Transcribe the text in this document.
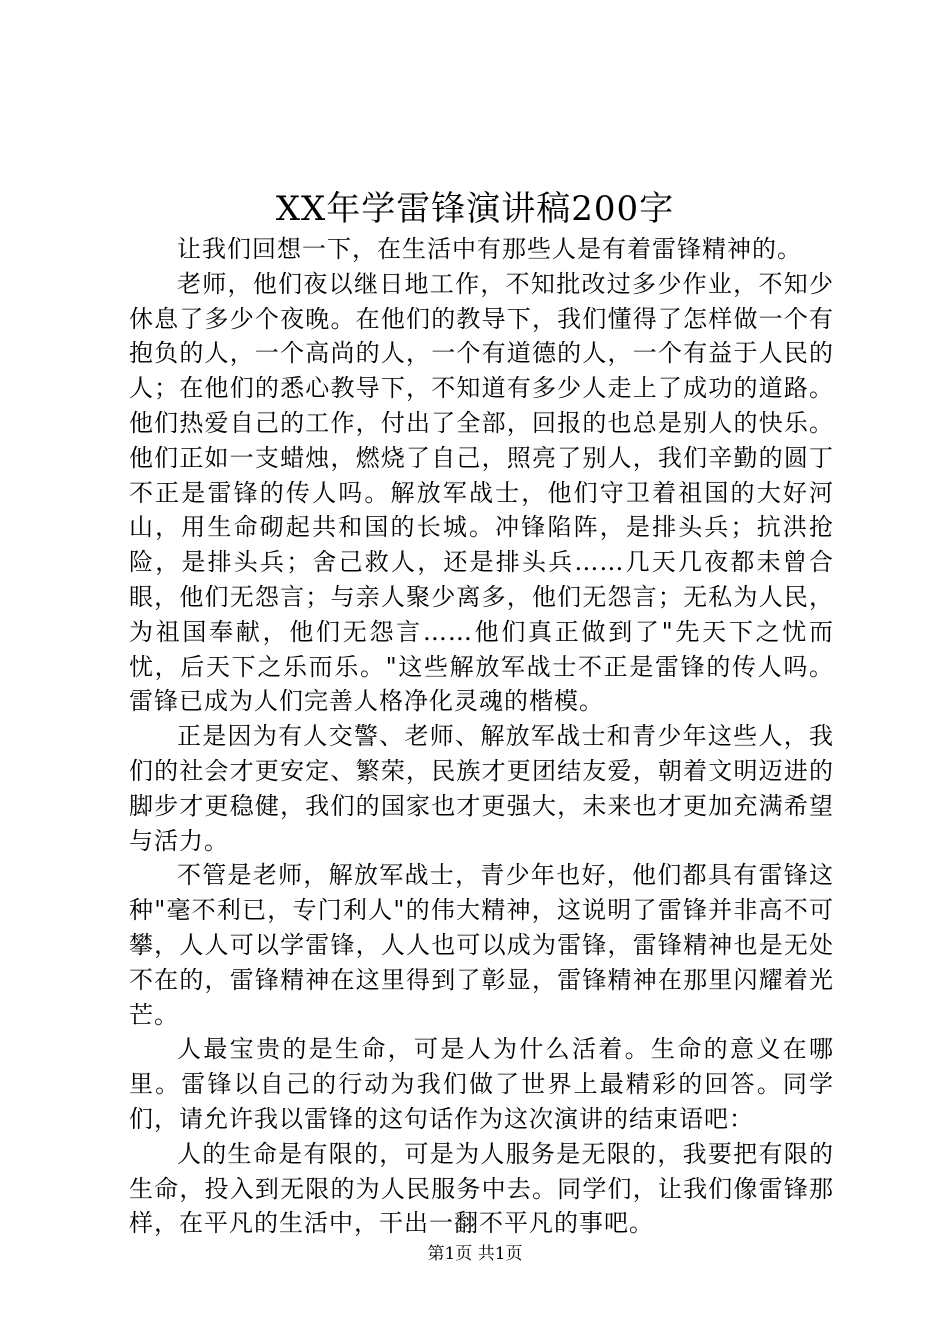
XX年学雷锋演讲稿200字

让我们回想一下，在生活中有那些人是有着雷锋精神的。

老师，他们夜以继日地工作，不知批改过多少作业，不知少休息了多少个夜晚。在他们的教导下，我们懂得了怎样做一个有抱负的人，一个高尚的人，一个有道德的人，一个有益于人民的人；在他们的悉心教导下，不知道有多少人走上了成功的道路。他们热爱自己的工作，付出了全部，回报的也总是别人的快乐。他们正如一支蜡烛，燃烧了自己，照亮了别人，我们辛勤的圆丁不正是雷锋的传人吗。解放军战士，他们守卫着祖国的大好河山，用生命砌起共和国的长城。冲锋陷阵，是排头兵；抗洪抢险，是排头兵；舍己救人，还是排头兵……几天几夜都未曾合眼，他们无怨言；与亲人聚少离多，他们无怨言；无私为人民，为祖国奉献，他们无怨言……他们真正做到了"先天下之忧而忧，后天下之乐而乐。"这些解放军战士不正是雷锋的传人吗。雷锋已成为人们完善人格净化灵魂的楷模。

正是因为有人交警、老师、解放军战士和青少年这些人，我们的社会才更安定、繁荣，民族才更团结友爱，朝着文明迈进的脚步才更稳健，我们的国家也才更强大，未来也才更加充满希望与活力。

不管是老师，解放军战士，青少年也好，他们都具有雷锋这种"毫不利已，专门利人"的伟大精神，这说明了雷锋并非高不可攀，人人可以学雷锋，人人也可以成为雷锋，雷锋精神也是无处不在的，雷锋精神在这里得到了彰显，雷锋精神在那里闪耀着光芒。

人最宝贵的是生命，可是人为什么活着。生命的意义在哪里。雷锋以自己的行动为我们做了世界上最精彩的回答。同学们，请允许我以雷锋的这句话作为这次演讲的结束语吧：

人的生命是有限的，可是为人服务是无限的，我要把有限的生命，投入到无限的为人民服务中去。同学们，让我们像雷锋那样，在平凡的生活中，干出一翻不平凡的事吧。

第1页 共1页
